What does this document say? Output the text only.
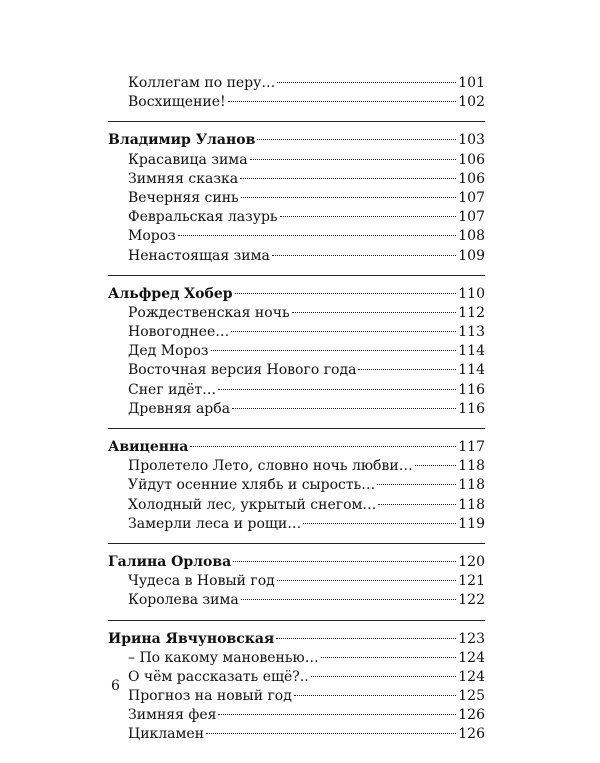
Коллегам по перу…	101
Восхищение!	102
Владимир Уланов	103
Красавица зима	106
Зимняя сказка	106
Вечерняя синь	107
Февральская лазурь	107
Мороз	108
Ненастоящая зима	109
Альфред Хобер	110
Рождественская ночь	112
Новогоднее…	113
Дед Мороз	114
Восточная версия Нового года	114
Снег идёт…	116
Древняя арба	116
Авиценна	117
Пролетело Лето, словно ночь любви…	118
Уйдут осенние хлябь и сырость…	118
Холодный лес, укрытый снегом…	118
Замерли леса и рощи…	119
Галина Орлова	120
Чудеса в Новый год	121
Королева зима	122
Ирина Явчуновская	123
– По какому мановенью…	124
О чём рассказать ещё?..	124
Прогноз на новый год	125
Зимняя фея	126
Цикламен	126
6
